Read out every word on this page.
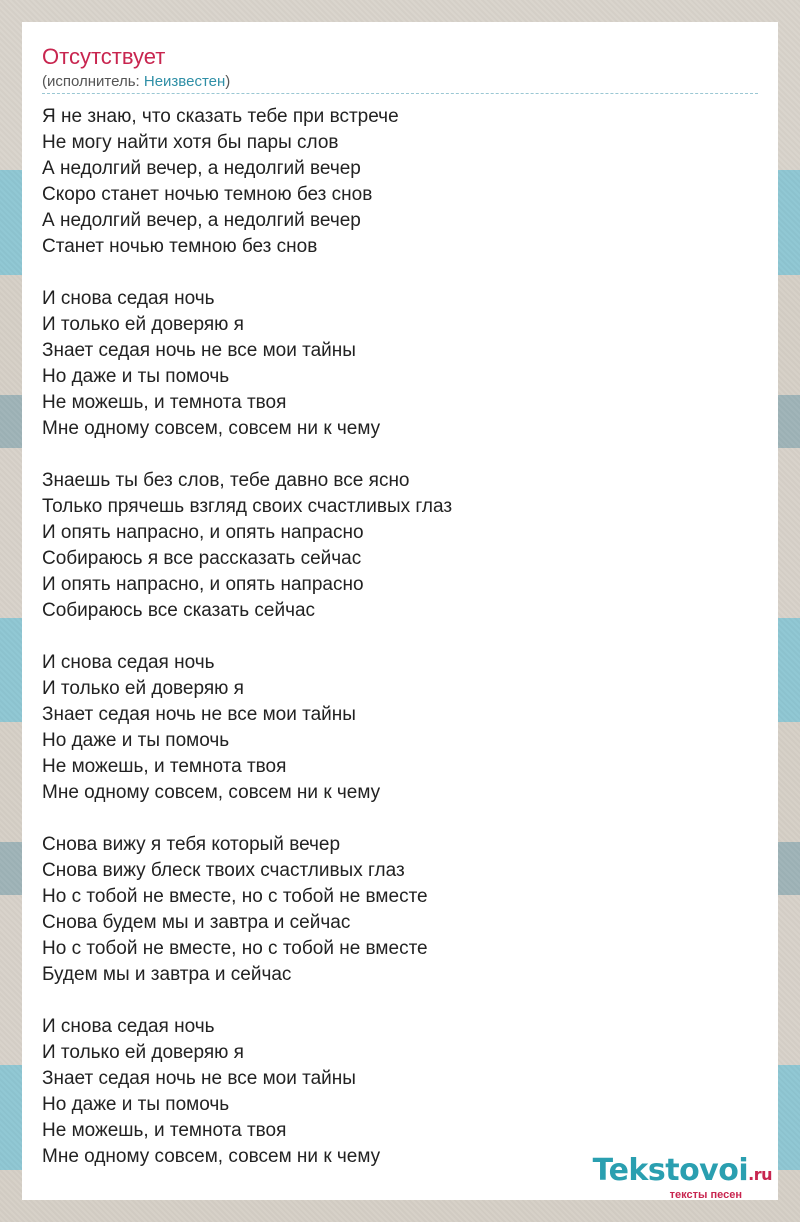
Отсутствует
(исполнитель: Неизвестен)
Я не знаю, что сказать тебе при встрече
Не могу найти хотя бы пары слов
А недолгий вечер, а недолгий вечер
Скоро станет ночью темною без снов
А недолгий вечер, а недолгий вечер
Станет ночью темною без снов
И снова седая ночь
И только ей доверяю я
Знает седая ночь не все мои тайны
Но даже и ты помочь
Не можешь, и темнота твоя
Мне одному совсем, совсем ни к чему
Знаешь ты без слов, тебе давно все ясно
Только прячешь взгляд своих счастливых глаз
И опять напрасно, и опять напрасно
Собираюсь я все рассказать сейчас
И опять напрасно, и опять напрасно
Собираюсь все сказать сейчас
И снова седая ночь
И только ей доверяю я
Знает седая ночь не все мои тайны
Но даже и ты помочь
Не можешь, и темнота твоя
Мне одному совсем, совсем ни к чему
Снова вижу я тебя который вечер
Снова вижу блеск твоих счастливых глаз
Но с тобой не вместе, но с тобой не вместе
Снова будем мы и завтра и сейчас
Но с тобой не вместе, но с тобой не вместе
Будем мы и завтра и сейчас
И снова седая ночь
И только ей доверяю я
Знает седая ночь не все мои тайны
Но даже и ты помочь
Не можешь, и темнота твоя
Мне одному совсем, совсем ни к чему	Tekstovoi.ru
тексты песен
